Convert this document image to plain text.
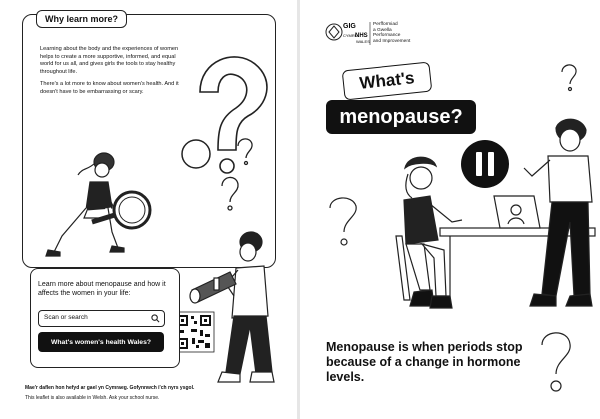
Why learn more?

Learning about the body and the experiences of women helps to create a more supportive, informed, and equal world for us all, and gives girls the tools to stay healthy throughout life.

There's a lot more to know about women's health. And it doesn't have to be embarrassing or scary.

GIG
CYMRU
NHS
WALES
Learn more about menopause and how it affects the women in your life:
Scan or search
What's women's health Wales?
Mae'r daflen hon hefyd ar gael yn Cymraeg. Gofynnwch i'ch nyrs ysgol.
This leaflet is also available in Welsh. Ask your school nurse.
Perfformiad
a Gwella
Performance
and Improvement
What's
menopause?
Menopause is when periods stop because of a change in hormone levels.
